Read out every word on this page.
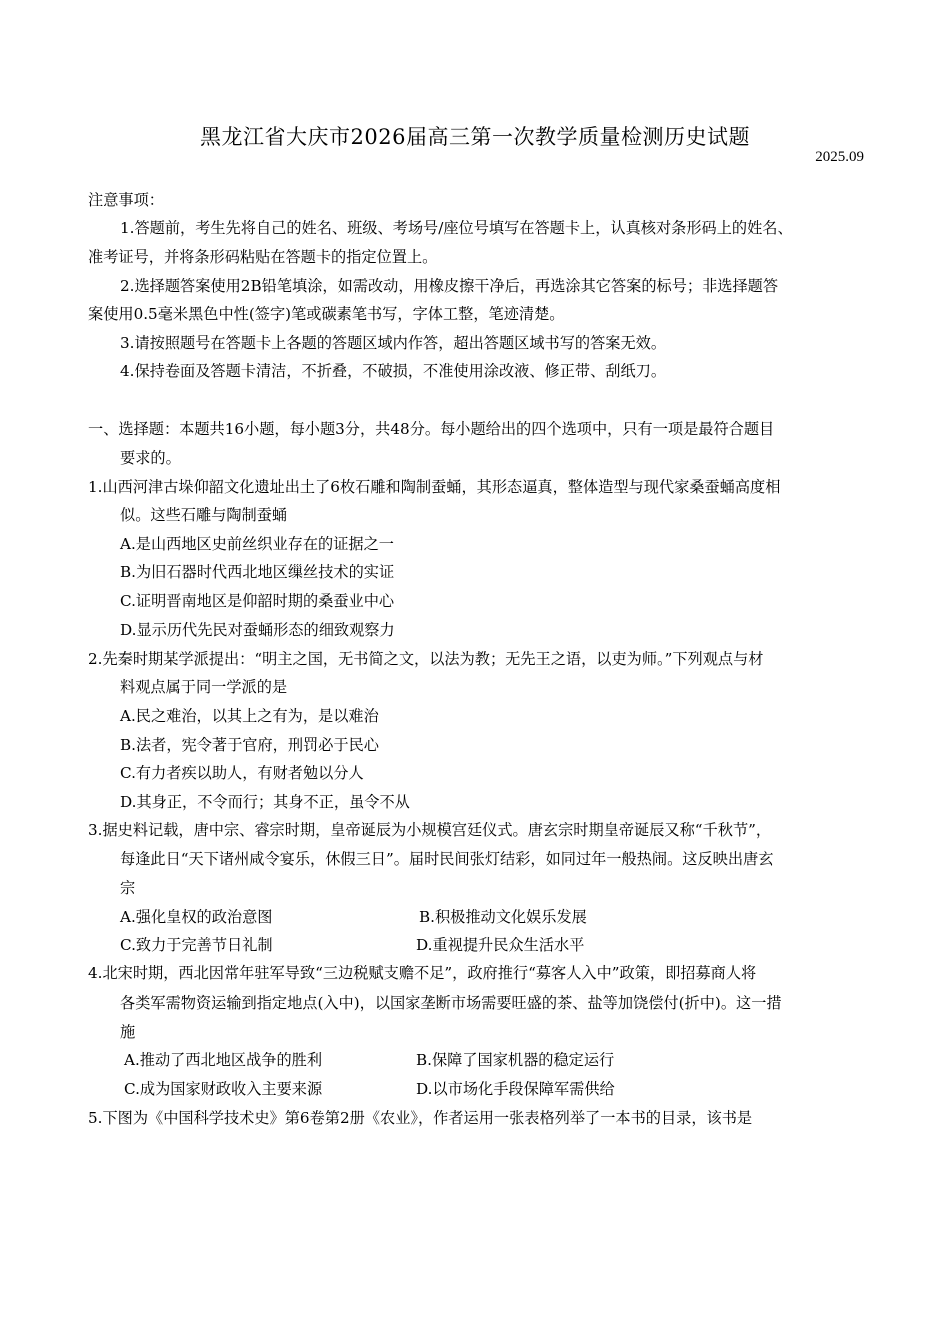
黑龙江省大庆市2026届高三第一次教学质量检测历史试题
2025.09
注意事项：
1.答题前，考生先将自己的姓名、班级、考场号/座位号填写在答题卡上，认真核对条形码上的姓名、
准考证号，并将条形码粘贴在答题卡的指定位置上。
2.选择题答案使用2B铅笔填涂，如需改动，用橡皮擦干净后，再选涂其它答案的标号；非选择题答
案使用0.5毫米黑色中性(签字)笔或碳素笔书写，字体工整，笔迹清楚。
3.请按照题号在答题卡上各题的答题区域内作答，超出答题区域书写的答案无效。
4.保持卷面及答题卡清洁，不折叠，不破损，不准使用涂改液、修正带、刮纸刀。
一、选择题：本题共16小题，每小题3分，共48分。每小题给出的四个选项中，只有一项是最符合题目
要求的。
1.山西河津古垛仰韶文化遗址出土了6枚石雕和陶制蚕蛹，其形态逼真，整体造型与现代家桑蚕蛹高度相
似。这些石雕与陶制蚕蛹
A.是山西地区史前丝织业存在的证据之一
B.为旧石器时代西北地区缫丝技术的实证
C.证明晋南地区是仰韶时期的桑蚕业中心
D.显示历代先民对蚕蛹形态的细致观察力
2.先秦时期某学派提出：“明主之国，无书简之文，以法为教；无先王之语，以吏为师。”下列观点与材
料观点属于同一学派的是
A.民之难治，以其上之有为，是以难治
B.法者，宪令著于官府，刑罚必于民心
C.有力者疾以助人，有财者勉以分人
D.其身正，不令而行；其身不正，虽令不从
3.据史料记载，唐中宗、睿宗时期，皇帝诞辰为小规模宫廷仪式。唐玄宗时期皇帝诞辰又称“千秋节”，
每逢此日“天下诸州咸令宴乐，休假三日”。届时民间张灯结彩，如同过年一般热闹。这反映出唐玄
宗
A.强化皇权的政治意图	B.积极推动文化娱乐发展
C.致力于完善节日礼制	D.重视提升民众生活水平
4.北宋时期，西北因常年驻军导致“三边税赋支赡不足”，政府推行“募客人入中”政策，即招募商人将
各类军需物资运输到指定地点(入中)，以国家垄断市场需要旺盛的茶、盐等加饶偿付(折中)。这一措
施
A.推动了西北地区战争的胜利	B.保障了国家机器的稳定运行
C.成为国家财政收入主要来源	D.以市场化手段保障军需供给
5.下图为《中国科学技术史》第6卷第2册《农业》，作者运用一张表格列举了一本书的目录，该书是
